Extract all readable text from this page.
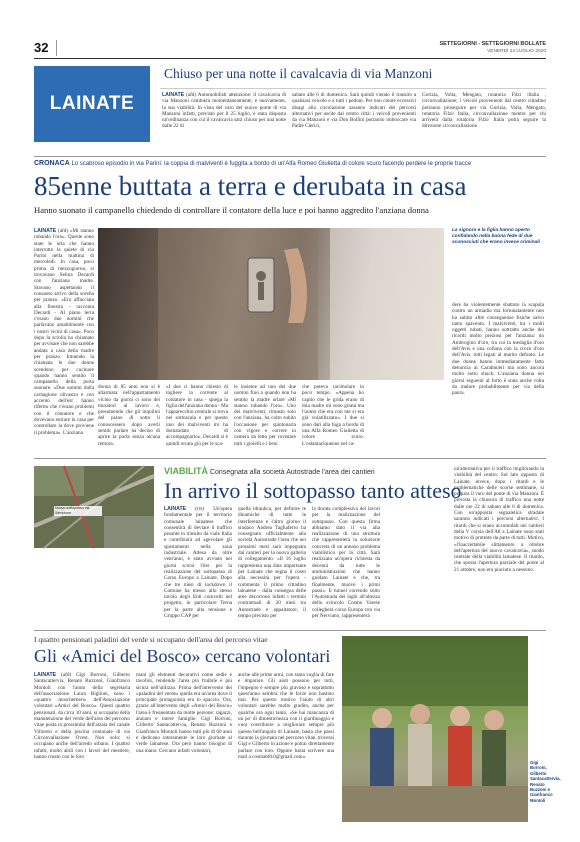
32	SETTEGIORNI - SETTEGIORNI BOLLATE
VENERDÌ 24 LUGLIO 2020
LAINATE
Chiuso per una notte il cavalcavia di via Manzoni
LAINATE (afd) Automobilisti attenzione: il cavalcavia di via Manzoni cambierà momentaneamente, e nuovamente, la sua viabilità. In vista del varo del nuovo ponte di via Manzoni infatti, previsto per il 25 luglio, è stata disposta un'ordinanza con cui il cavalcavia sarà chiuso per una notte dalle 22 di
sabato alle 6 di domenica. Sarà quindi vietato il transito a qualsiasi veicolo e a tutti i pedoni. Per non creare eccessivi disagi alla circolazione saranno indicati dei percorsi alternativi per uscite dal centro città: i veicoli provenienti da via Manzoni e via Don Bollini potranno imboccare via Padre Clerici,
Gorizia, Volta, Mengato, rotatoria Filzi /Italia , circonvallazione; i veicoli provenienti dal centro cittadino potranno proseguire per via Gorizia, Volta, Mengato, rotatoria Filzi/ Italia, circonvallazione mentre per chi arriverà dalla rotatoria Filzi/ Italia potrà seguire la direzione circonvallazione.
CRONACA Lo scabroso episodio in via Parini: la coppia di malviventi è fuggita a bordo di un'Alfa Romeo Giulietta di colore scuro facendo perdere le proprie tracce
85enne buttata a terra e derubata in casa
Hanno suonato il campanello chiedendo di controllare il contatore della luce e poi hanno aggredito l'anziana donna
LAINATE (afd) «Mi stanno rubando l'oro». Queste sono state le urla che hanno interrotto la quiete di via Parini nella mattina di mercoledì. In casa, poco prima di mezzogiorno, si trovavano Selina Decardi con l'anziana madre. Stavano aspettando il consueto arrivo della sorella per pranzo. «Ero affacciata alla finestra - racconta Decardi - Al piano terra c'erano due uomini che parlavano amabilmente con i nostri vicini di casa». Poco dopo la scrolla ha chiamato per avvisare che non sarebbe andata a casa della madre per pranzo. Intuendo la chiamata le due donne scendono per cucinare quando hanno sentito il campanello della porta suonare. «Due uomini dalla carnagione olivastra e con accento dell'est hanno riferito che c'erano problemi con il contatore e che dovevano entrare in casa per controllare la dove proviene il problema». L'anziana
La signora e la figlia hanno aperto confidando nella buona fede di due sconosciuti che erano invece criminali
donna di 85 anni non si è allarmata: nell'appartamento vicino da giorni ci sono dei muratori al lavoro e, presumendo che gli inquilini del piano di sotto li conoscessero dopo averli sentiti parlare ha deciso di aprire la porta senza alcuna remora.
«I due ci hanno chiesto di togliere la corrente al contatore in casa - spiega la figlia dell'anziana donna - Ma l'apparecchio centrale si trova nel sottoscala e per questo uno dei malviventi mi ha domandato di accompagnarlo». Decardi si è quindi recata giù per le sca-
le insieme ad uno dei due uomini fino a quando non ha sentito la madre urlare «Mi stanno rubando l'oro». Uno dei malviventi, rimasto solo con l'anziana, ha colto subito l'occasione per spintonarla con vigore e correre in camera da letto per rovistare tutti i gioielli e i beni
che poteva racimolare in poco tempo. «Appena ho capito che le grida erano di mia madre mi sono girata ma l'uomo che era con me si era già volatilizzato». I due si sono dati alla fuga a bordo di una Alfa Romeo Giulietta di colore scuro. L'ostantaciquenne nel ca-
dere ha violentemente sbattuto la scapola contro un armadio ma fortunatamente non ha subito altre conseguenze fisiche salvo tanto spavento. I malviventi, tra i molti oggetti rubati, hanno sottratto anche dei ricordi molto preziosi per l'anziana: un Ambrogino d'oro, tra cui la medaglia d'oro dell'Avis e una collana con la croce d'oro dell'Avis, tutti legati al marito defunto. Le due donne hanno immediatamente fatto denuncia ai Carabinieri ma sono ancora molto sotto shock. L'anziana donna nei giorni seguenti al furto è stata anche colta da malore probabilmente per via della paura.
Nuovo sottopasso via Sempione
VIABILITÀ Consegnata alla società Autostrade l'area dei cantieri
In arrivo il sottopasso tanto atteso
LAINATE (rrs) Un'opera fondamentale per il territorio comunale lainatese che consentirà di deviare il traffico pesante in transito da viale Italia e contribuirà ad agevolare gli spostamenti nella zona industriale. Attesa da oltre vent'anni, è stato avviato nei giorni scorsi l'iter per la realizzazione del sottopasso di Corso Europa a Lainate. Dopo che tre mesi di lockdown il Comune ha messo allo stesso tavolo degli Enti coinvolti nel progetto, in particolare Terna per la parte alta tensione e Gruppo CAP per
quella idraulica, per definire le dinamiche di tutte le interferenze e l'altro giorno il sindaco Andrea Tagliaferro ha consegnato ufficialmente alla società Autostrade l'area che nei prossimi mesi sarà impegnata dai cantieri per la nuova galleria di collegamento. «Il 16 luglio rappresenta una data importante per Lainate che segna il costo alla necessità per l'opera - commenta il primo cittadino lainatese - dalla consegna delle aree decorrono infatti i termini contrattuali di 20 mesi tra Autostrade e appaltatore, il tempo previsto per
la durata complessiva dei lavori per la realizzazione del sottopasso. Con questa firma abbiamo dato il via alla realizzazione di una struttura che rappresenterà la soluzione concreta di un annoso problema viabilistico per la città. Sarà realizzata un'opera richiesta da decenni da tutte le amministrazioni che hanno guidato Lainate e che, tra finalmente, muove i primi passi». Il tunnel correndo sotto l'Autostrada dei laghi all'altezza dello svincolo Cosmo Varese collegherà corso Europa con via per Nerviano, rappresenterà
un'alternativa per il traffico migliorando la visibilità del centro. Sul lato opposto di Lainate, invece, dopo i ritardi e le problematiche delle scorse settimane, si prepara il varo del ponte di via Manzoni. È prevista la chiusura di traffico una notte dalle ore 22 di sabato alle 6 di domenica. Con un'apposita segnaletica stradale saranno indicati i percorsi alternativi. I ritardi che si erano accumulati nei cantieri della V corsia dell'A8 a Lainate sono stati motivo di proteste da parte di tutti. Motivo, «l'inaccettabile slittamento a ottobre dell'apertura del nuovo cavalcavia», snodo centrale della viabilità lainatese. Il ritardo, che sposta l'apertura parziale del ponte al 21 ottobre, non era piaciuto a nessuno.
I quattro pensionati paladini del verde si occupano dell'area del percorso vitae
Gli «Amici del Bosco» cercano volontari
LAINATE (afd) Gigi Borroni, Gilberto Santacattervia, Renato Buzzoni, Gianfranco Montoli con l'aiuto della segretaria dell'associazione Laura Biglioni, sono i «quattro moschettieri» dell'Associazione volontari «Amici del Bosco». Questi quattro pensionati, da circa 10 anni, si occupano della manutenzione del verde dell'area del percorso vitae posta in prossimità dell'alzaia del canale Villoresi e della piscina comunale di via Circonvallazione Ovest. Non solo: si occupano anche dell'arredo urbano. I quattro infatti, molto abili con i lavori del mestiere, hanno creato con le loro
mani gli elementi decorativi come sedie e tavolini, rendendo l'area più fruibile e più sicura nell'utilizzo. Prima dell'intervento dei «paladini del verde» quella era un'area dove il principale protagonista era lo spaccio. Ora, grazie all'intervento degli «Amici del Bosco» l'area è frequentata da molte persone: ragazzi, anziani e intere famiglie. Gigi Borroni, Gilberto Santacattervia, Renato Buzzoni e Gianfranco Montoli hanno tutti più di 60 anni e dedicano interamente le loro giornate al verde lainatese. Ora però hanno bisogno di una mano. Cercano infatti volontari,
anche alle prime armi, con tanta voglia di fare e imparare. Gli aiuti possono per tutti, l'impegno è sempre più gravoso e soprattutto quest'anno sembra che le forze non bastino mai. Per questo motivo l'aiuto di altri volontari sarebbe molto gradito, anche per qualche ora ogni tanto. «Se hai mancanza di un po' di dimestichezza con il giardinaggio e vuoi contribuire a migliorare sempre più questo bell'angolo di Lainate, basta che passi durante la giornata nel percorso vitae, troverai Gigi e Gilberto in azione e potrai direttamente parlare con loro. Oppure basta scrivere una mail a cosmab810@gmail.com».
Gigi Borroni, Gilberto Santacattervia, Renato Buzzoni e Gianfranco Montoli
